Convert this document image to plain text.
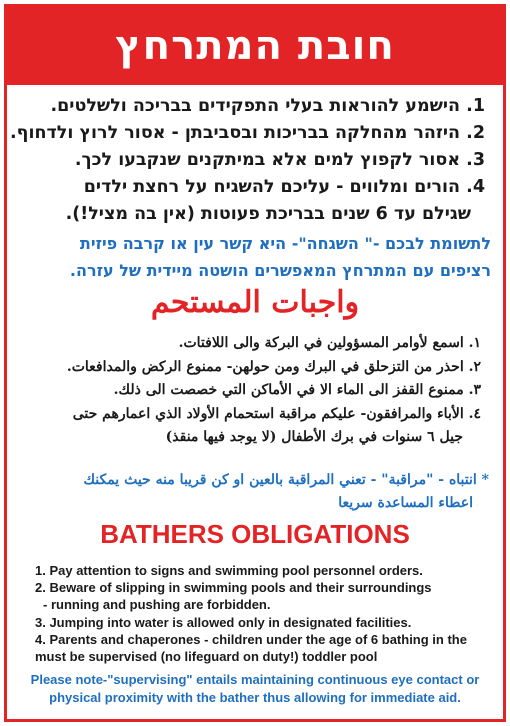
חובת המתרחץ
1. הישמע להוראות בעלי התפקידים בבריכה ולשלטים.
2. היזהר מהחלקה בבריכות ובסביבתן - אסור לרוץ ולדחוף.
3. אסור לקפוץ למים אלא במיתקנים שנקבעו לכך.
4. הורים ומלווים - עליכם להשגיח על רחצת ילדים
שגילם עד 6 שנים בבריכת פעוטות (אין בה מציל!).

לתשומת לבכם -" השגחה"- היא קשר עין או קרבה פיזית
רציפים עם המתרחץ המאפשרים הושטה מיידית של עזרה.

واجبات المستحم
١. اسمع لأوامر المسؤولين في البركة والى اللافتات.
٢. احذر من التزحلق في البرك ومن حولهن- ممنوع الركض والمدافعات.
٣. ممنوع القفز الى الماء الا في الأماكن التي خصصت الى ذلك.
٤. الأباء والمرافقون- عليكم مراقبة استحمام الأولاد الذي اعمارهم حتى
جيل ٦ سنوات في برك الأطفال (لا يوجد فيها منقذ)

* انتباه - "مراقبة" - تعني المراقبة بالعين او كن قريبا منه حيث يمكنك
اعطاء المساعدة سريعا

BATHERS OBLIGATIONS
1. Pay attention to signs and swimming pool personnel orders.
2. Beware of slipping in swimming pools and their surroundings
- running and pushing are forbidden.
3. Jumping into water is allowed only in designated facilities.
4. Parents and chaperones - children under the age of 6 bathing in the
must be supervised (no lifeguard on duty!) toddler pool

Please note-"supervising" entails maintaining continuous eye contact or
physical proximity with the bather thus allowing for immediate aid.
